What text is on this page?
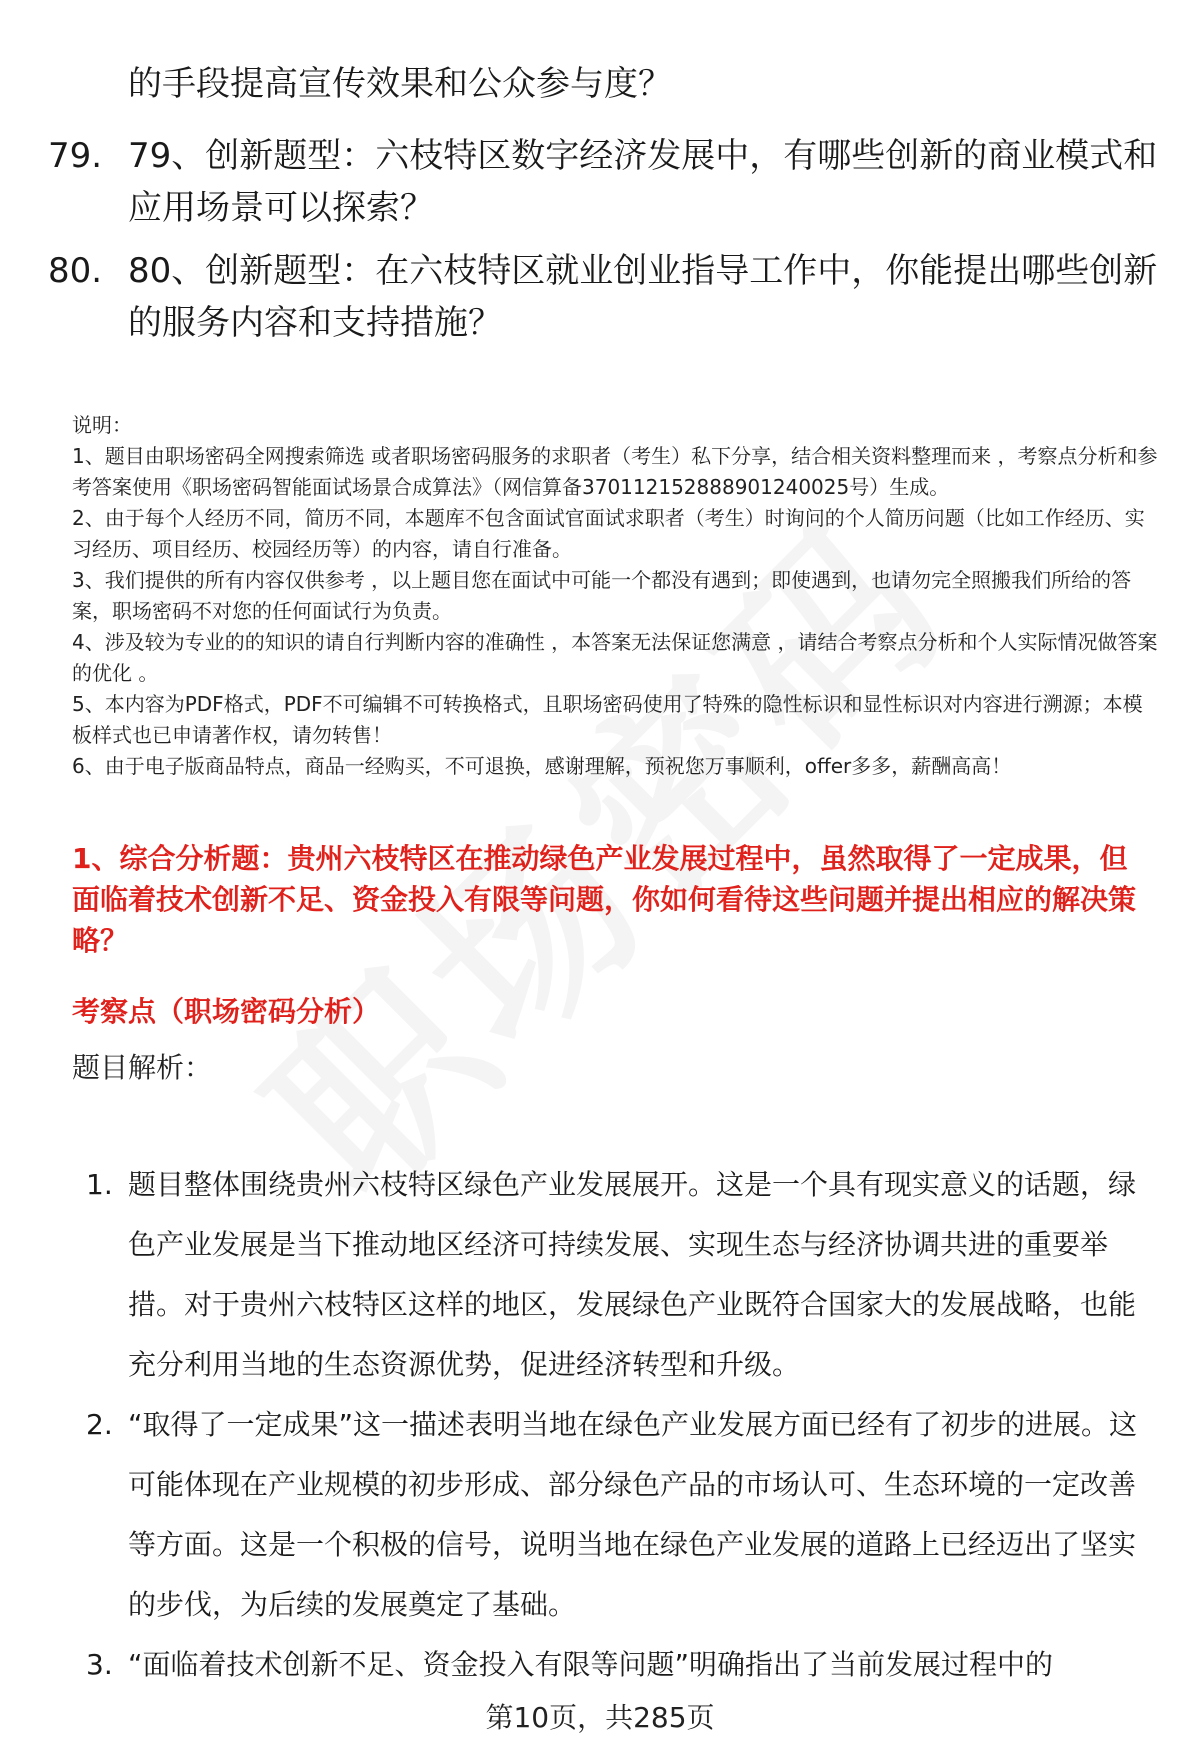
的手段提高宣传效果和公众参与度？
79. 79、创新题型：六枝特区数字经济发展中，有哪些创新的商业模式和应用场景可以探索？
80. 80、创新题型：在六枝特区就业创业指导工作中，你能提出哪些创新的服务内容和支持措施？

说明：

1、题目由职场密码全网搜索筛选 或者职场密码服务的求职者（考生）私下分享，结合相关资料整理而来 ，考察点分析和参考答案使用《职场密码智能面试场景合成算法》（网信算备370112152888901240025号）生成。

2、由于每个人经历不同，简历不同，本题库不包含面试官面试求职者（考生）时询问的个人简历问题（比如工作经历、实习经历、项目经历、校园经历等）的内容，请自行准备。

3、我们提供的所有内容仅供参考 ，以上题目您在面试中可能一个都没有遇到；即使遇到，也请勿完全照搬我们所给的答案，职场密码不对您的任何面试行为负责。

4、涉及较为专业的的知识的请自行判断内容的准确性 ，本答案无法保证您满意 ，请结合考察点分析和个人实际情况做答案的优化 。

5、本内容为PDF格式，PDF不可编辑不可转换格式，且职场密码使用了特殊的隐性标识和显性标识对内容进行溯源；本模板样式也已申请著作权，请勿转售！

6、由于电子版商品特点，商品一经购买，不可退换，感谢理解，预祝您万事顺利，offer多多，薪酬高高！

1、综合分析题：贵州六枝特区在推动绿色产业发展过程中，虽然取得了一定成果，但面临着技术创新不足、资金投入有限等问题，你如何看待这些问题并提出相应的解决策略？
考察点（职场密码分析）
题目解析：
1. 题目整体围绕贵州六枝特区绿色产业发展展开。这是一个具有现实意义的话题，绿色产业发展是当下推动地区经济可持续发展、实现生态与经济协调共进的重要举措。对于贵州六枝特区这样的地区，发展绿色产业既符合国家大的发展战略，也能充分利用当地的生态资源优势，促进经济转型和升级。
2. “取得了一定成果”这一描述表明当地在绿色产业发展方面已经有了初步的进展。这可能体现在产业规模的初步形成、部分绿色产品的市场认可、生态环境的一定改善等方面。这是一个积极的信号，说明当地在绿色产业发展的道路上已经迈出了坚实的步伐，为后续的发展奠定了基础。
3. “面临着技术创新不足、资金投入有限等问题”明确指出了当前发展过程中的
第10页，共285页
